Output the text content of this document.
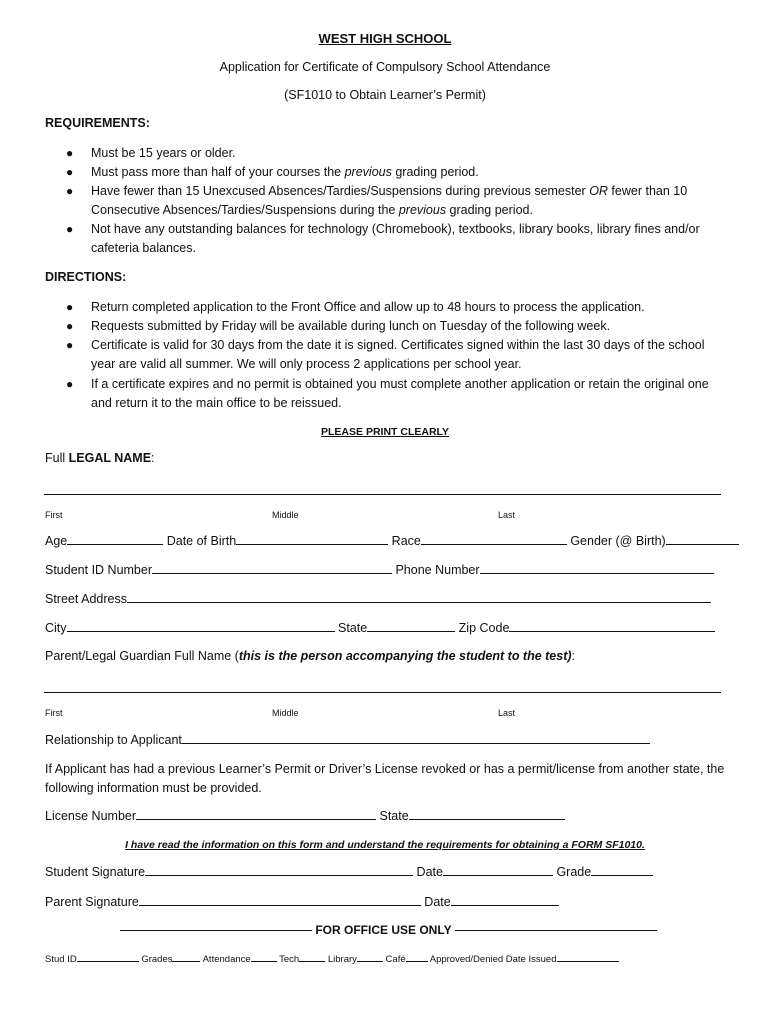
WEST HIGH SCHOOL
Application for Certificate of Compulsory School Attendance
(SF1010 to Obtain Learner’s Permit)
REQUIREMENTS:
● Must be 15 years or older.
● Must pass more than half of your courses the previous grading period.
● Have fewer than 15 Unexcused Absences/Tardies/Suspensions during previous semester OR fewer than 10 Consecutive Absences/Tardies/Suspensions during the previous grading period.
● Not have any outstanding balances for technology (Chromebook), textbooks, library books, library fines and/or cafeteria balances.
DIRECTIONS:
● Return completed application to the Front Office and allow up to 48 hours to process the application.
● Requests submitted by Friday will be available during lunch on Tuesday of the following week.
● Certificate is valid for 30 days from the date it is signed. Certificates signed within the last 30 days of the school year are valid all summer. We will only process 2 applications per school year.
● If a certificate expires and no permit is obtained you must complete another application or retain the original one and return it to the main office to be reissued.
PLEASE PRINT CLEARLY
Full LEGAL NAME:
First	Middle	Last
Age	Date of Birth	Race	Gender (@ Birth)
Student ID Number	Phone Number
Street Address
City	State	Zip Code
Parent/Legal Guardian Full Name (this is the person accompanying the student to the test):
First	Middle	Last
Relationship to Applicant
If Applicant has had a previous Learner’s Permit or Driver’s License revoked or has a permit/license from another state, the following information must be provided.
License Number	State
I have read the information on this form and understand the requirements for obtaining a FORM SF1010.
Student Signature	Date	Grade
Parent Signature	Date
FOR OFFICE USE ONLY
Stud ID	Grades	Attendance	Tech	Library	Café Approved/Denied Date Issued
